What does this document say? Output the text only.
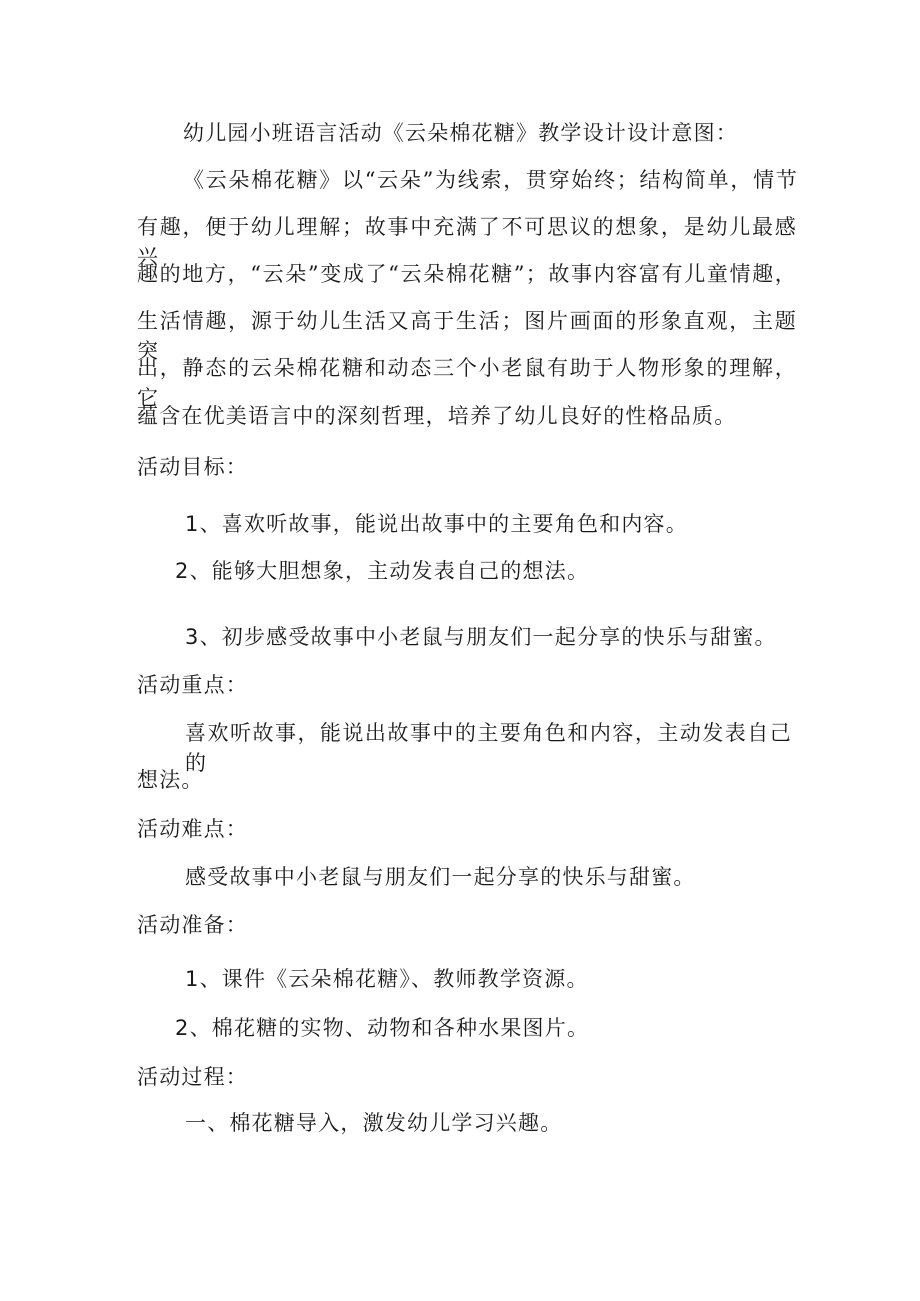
幼儿园小班语言活动《云朵棉花糖》教学设计设计意图：
《云朵棉花糖》以“云朵”为线索，贯穿始终；结构简单，情节
有趣，便于幼儿理解；故事中充满了不可思议的想象，是幼儿最感兴
趣的地方，“云朵”变成了“云朵棉花糖”；故事内容富有儿童情趣，
生活情趣，源于幼儿生活又高于生活；图片画面的形象直观，主题突
出，静态的云朵棉花糖和动态三个小老鼠有助于人物形象的理解，它
蕴含在优美语言中的深刻哲理，培养了幼儿良好的性格品质。
活动目标：
1、喜欢听故事，能说出故事中的主要角色和内容。
2、能够大胆想象，主动发表自己的想法。
3、初步感受故事中小老鼠与朋友们一起分享的快乐与甜蜜。
活动重点：
喜欢听故事，能说出故事中的主要角色和内容，主动发表自己的
想法。
活动难点：
感受故事中小老鼠与朋友们一起分享的快乐与甜蜜。
活动准备：
1、课件《云朵棉花糖》、教师教学资源。
2、棉花糖的实物、动物和各种水果图片。
活动过程：
一、棉花糖导入，激发幼儿学习兴趣。
